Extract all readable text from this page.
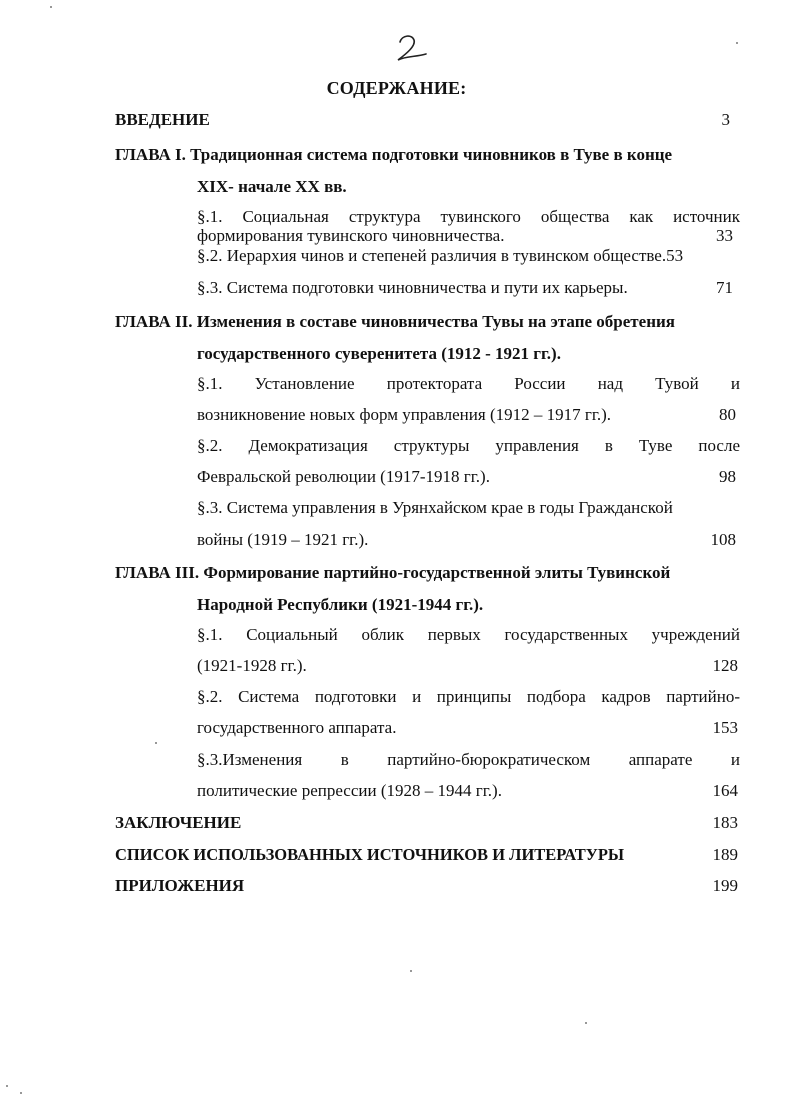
СОДЕРЖАНИЕ:
ВВЕДЕНИЕ	3
ГЛАВА I. Традиционная система подготовки чиновников в Туве в конце
XIX- начале XX вв.
§.1. Социальная структура тувинского общества как источник
формирования тувинского чиновничества.	33
§.2. Иерархия чинов и степеней различия в тувинском обществе.53
§.3. Система подготовки чиновничества и пути их карьеры.	71
ГЛАВА II. Изменения в составе чиновничества Тувы на этапе обретения
государственного суверенитета (1912 - 1921 гг.).
§.1. Установление протектората России над Тувой и
возникновение новых форм управления (1912 – 1917 гг.).	80
§.2. Демократизация структуры управления в Туве после
Февральской революции (1917-1918 гг.).	98
§.3. Система управления в Урянхайском крае в годы Гражданской
войны (1919 – 1921 гг.).	108
ГЛАВА III. Формирование партийно-государственной элиты Тувинской
Народной Республики (1921-1944 гг.).
§.1. Социальный облик первых государственных учреждений
(1921-1928 гг.).	128
§.2. Система подготовки и принципы подбора кадров партийно-
государственного аппарата.	153
§.3.Изменения в партийно-бюрократическом аппарате и
политические репрессии (1928 – 1944 гг.).	164
ЗАКЛЮЧЕНИЕ	183
СПИСОК ИСПОЛЬЗОВАННЫХ ИСТОЧНИКОВ И ЛИТЕРАТУРЫ	189
ПРИЛОЖЕНИЯ	199
